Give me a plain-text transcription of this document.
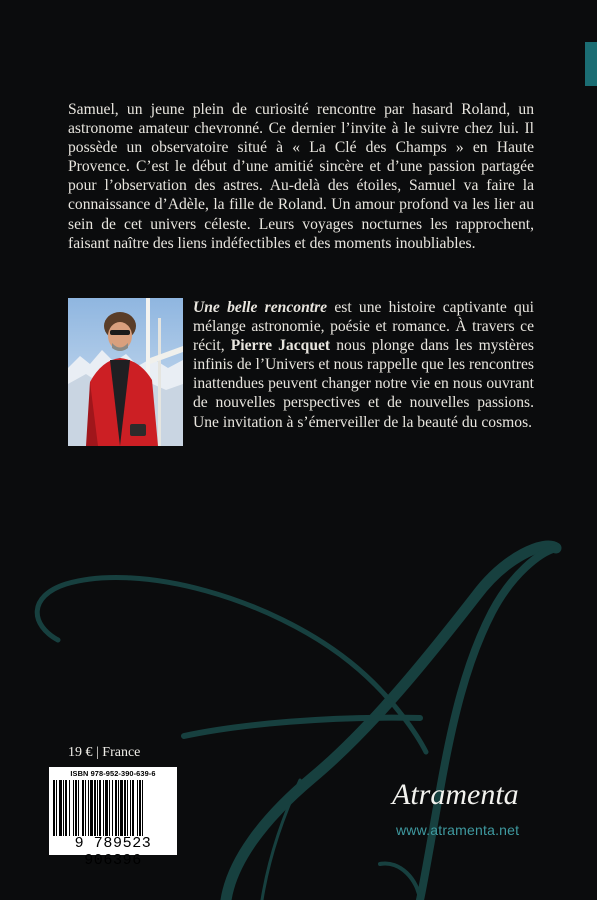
Samuel, un jeune plein de curiosité rencontre par hasard Roland, un astronome amateur chevronné. Ce dernier l’invite à le suivre chez lui. Il possède un observatoire situé à « La Clé des Champs » en Haute Provence. C’est le début d’une amitié sincère et d’une passion partagée pour l’observation des astres. Au-delà des étoiles, Samuel va faire la connaissance d’Adèle, la fille de Roland. Un amour profond va les lier au sein de cet univers céleste. Leurs voyages nocturnes les rapprochent, faisant naître des liens indéfectibles et des moments inoubliables.

Une belle rencontre est une histoire captivante qui mélange astronomie, poésie et romance. À travers ce récit, Pierre Jacquet nous plonge dans les mystères infinis de l’Univers et nous rappelle que les rencontres inattendues peuvent changer notre vie en nous ouvrant de nouvelles perspectives et de nouvelles passions. Une invitation à s’émerveiller de la beauté du cosmos.

19 € | France
ISBN 978-952-390-639-6
9 789523 906396
Atramenta
www.atramenta.net
